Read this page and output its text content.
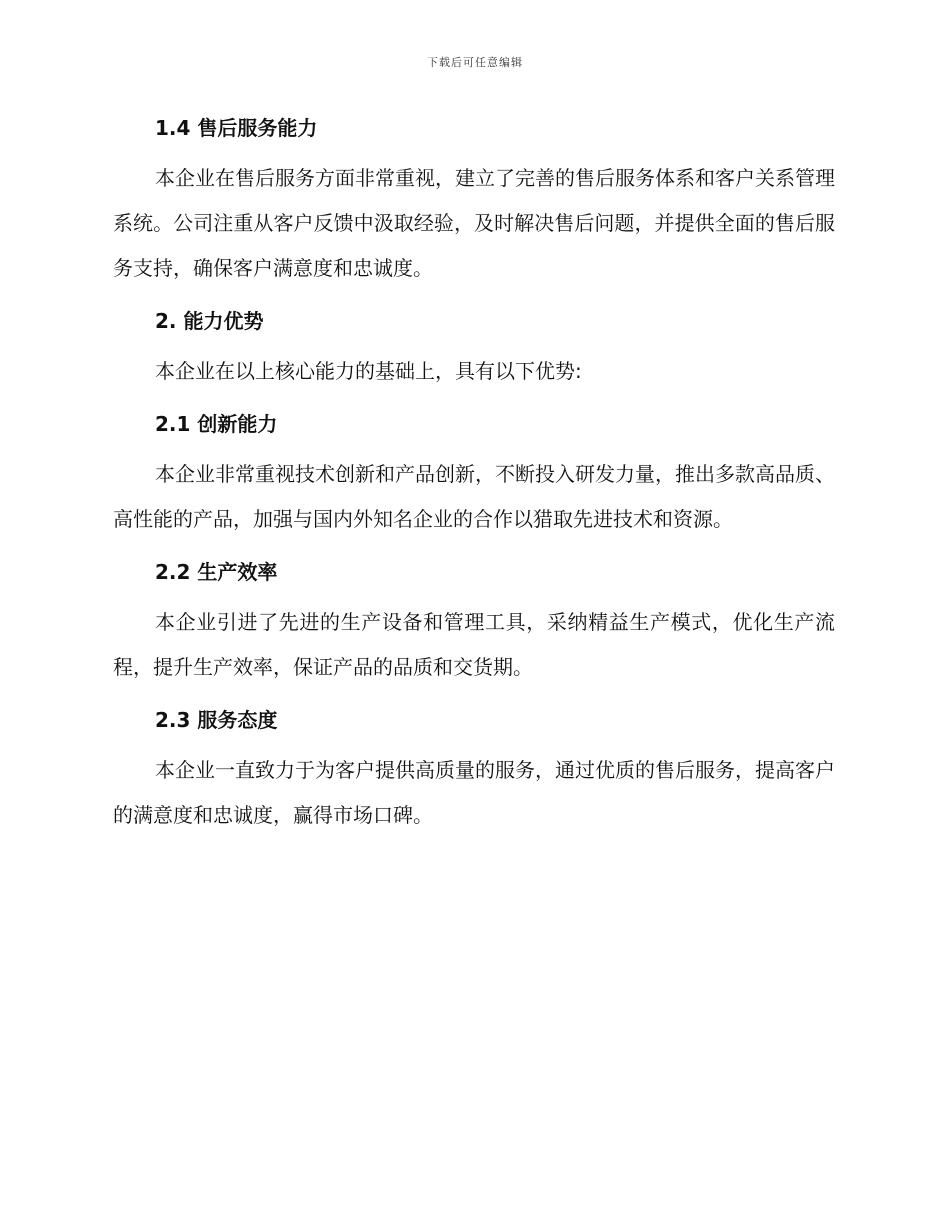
下载后可任意编辑
1.4 售后服务能力

本企业在售后服务方面非常重视，建立了完善的售后服务体系和客户关系管理系统。公司注重从客户反馈中汲取经验，及时解决售后问题，并提供全面的售后服务支持，确保客户满意度和忠诚度。

2. 能力优势

本企业在以上核心能力的基础上，具有以下优势:

2.1 创新能力

本企业非常重视技术创新和产品创新，不断投入研发力量，推出多款高品质、高性能的产品，加强与国内外知名企业的合作以猎取先进技术和资源。

2.2 生产效率

本企业引进了先进的生产设备和管理工具，采纳精益生产模式，优化生产流程，提升生产效率，保证产品的品质和交货期。

2.3 服务态度

本企业一直致力于为客户提供高质量的服务，通过优质的售后服务，提高客户的满意度和忠诚度，赢得市场口碑。
